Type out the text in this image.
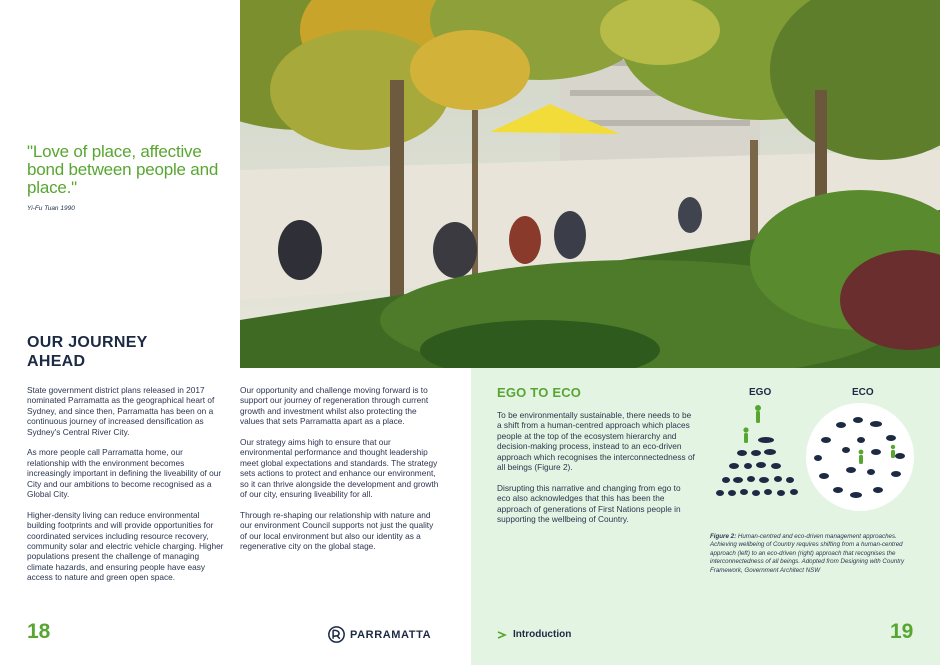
"Love of place, affective bond between people and place."
Yi-Fu Tuan 1990
OUR JOURNEY
AHEAD

State government district plans released in 2017 nominated Parramatta as the geographical heart of Sydney, and since then, Parramatta has been on a continuous journey of increased densification as Sydney's Central River City.

As more people call Parramatta home, our relationship with the environment becomes increasingly important in defining the liveability of our City and our ambitions to become recognised as a Global City.

Higher-density living can reduce environmental building footprints and will provide opportunities for coordinated services including resource recovery, community solar and electric vehicle charging. Higher populations present the challenge of managing climate hazards, and ensuring people have easy access to nature and green open space.

Our opportunity and challenge moving forward is to support our journey of regeneration through current growth and investment whilst also protecting the values that sets Parramatta apart as a place.

Our strategy aims high to ensure that our environmental performance and thought leadership meet global expectations and standards. The strategy sets actions to protect and enhance our environment, so it can thrive alongside the development and growth of our city, ensuring liveability for all.

Through re-shaping our relationship with nature and our environment Council supports not just the quality of our local environment but also our identity as a regenerative city on the global stage.

18	PARRAMATTA
EGO TO ECO

To be environmentally sustainable, there needs to be a shift from a human-centred approach which places people at the top of the ecosystem hierarchy and decision-making process, instead to an eco-driven approach which recognises the interconnectedness of all beings (Figure 2).

Disrupting this narrative and changing from ego to eco also acknowledges that this has been the approach of generations of First Nations people in supporting the wellbeing of Country.

EGO	ECO
Figure 2: Human-centred and eco-driven management approaches. Achieving wellbeing of Country requires shifting from a human-centred approach (left) to an eco-driven (right) approach that recognises the interconnectedness of all beings. Adopted from Designing with Country Framework, Government Architect NSW
Introduction	19
